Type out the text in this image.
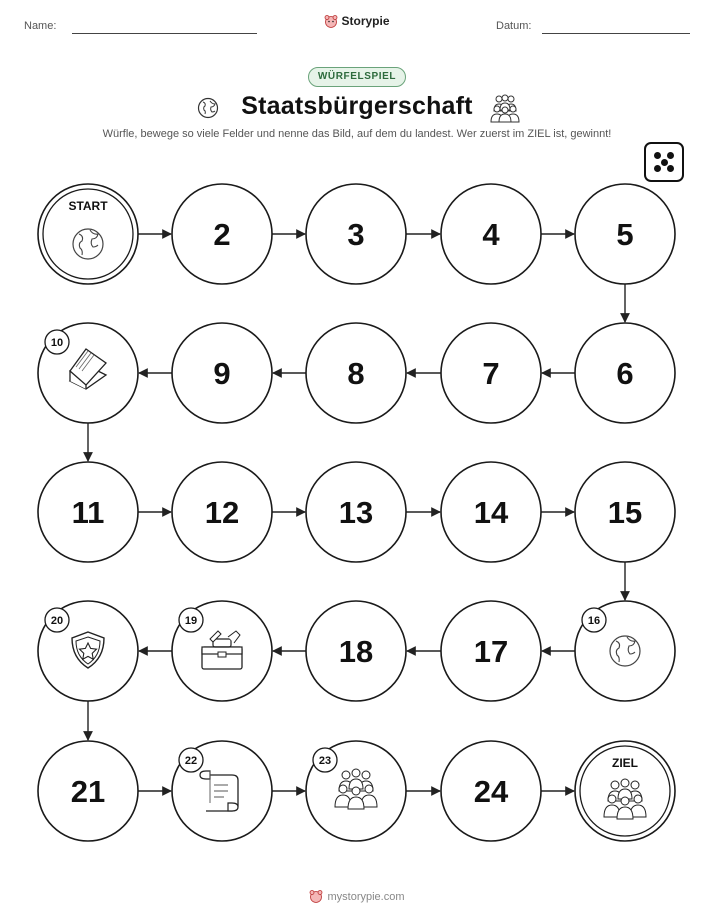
Name:	Storypie	Datum:
WÜRFELSPIEL
Staatsbürgerschaft
Würfle, bewege so viele Felder und nenne das Bild, auf dem du landest. Wer zuerst im ZIEL ist, gewinnt!
START
2	3	4	5
6
7
8
9
10
11	12	13	14	15
16
17
18
19
20
21
22	23
24
ZIEL
mystorypie.com
